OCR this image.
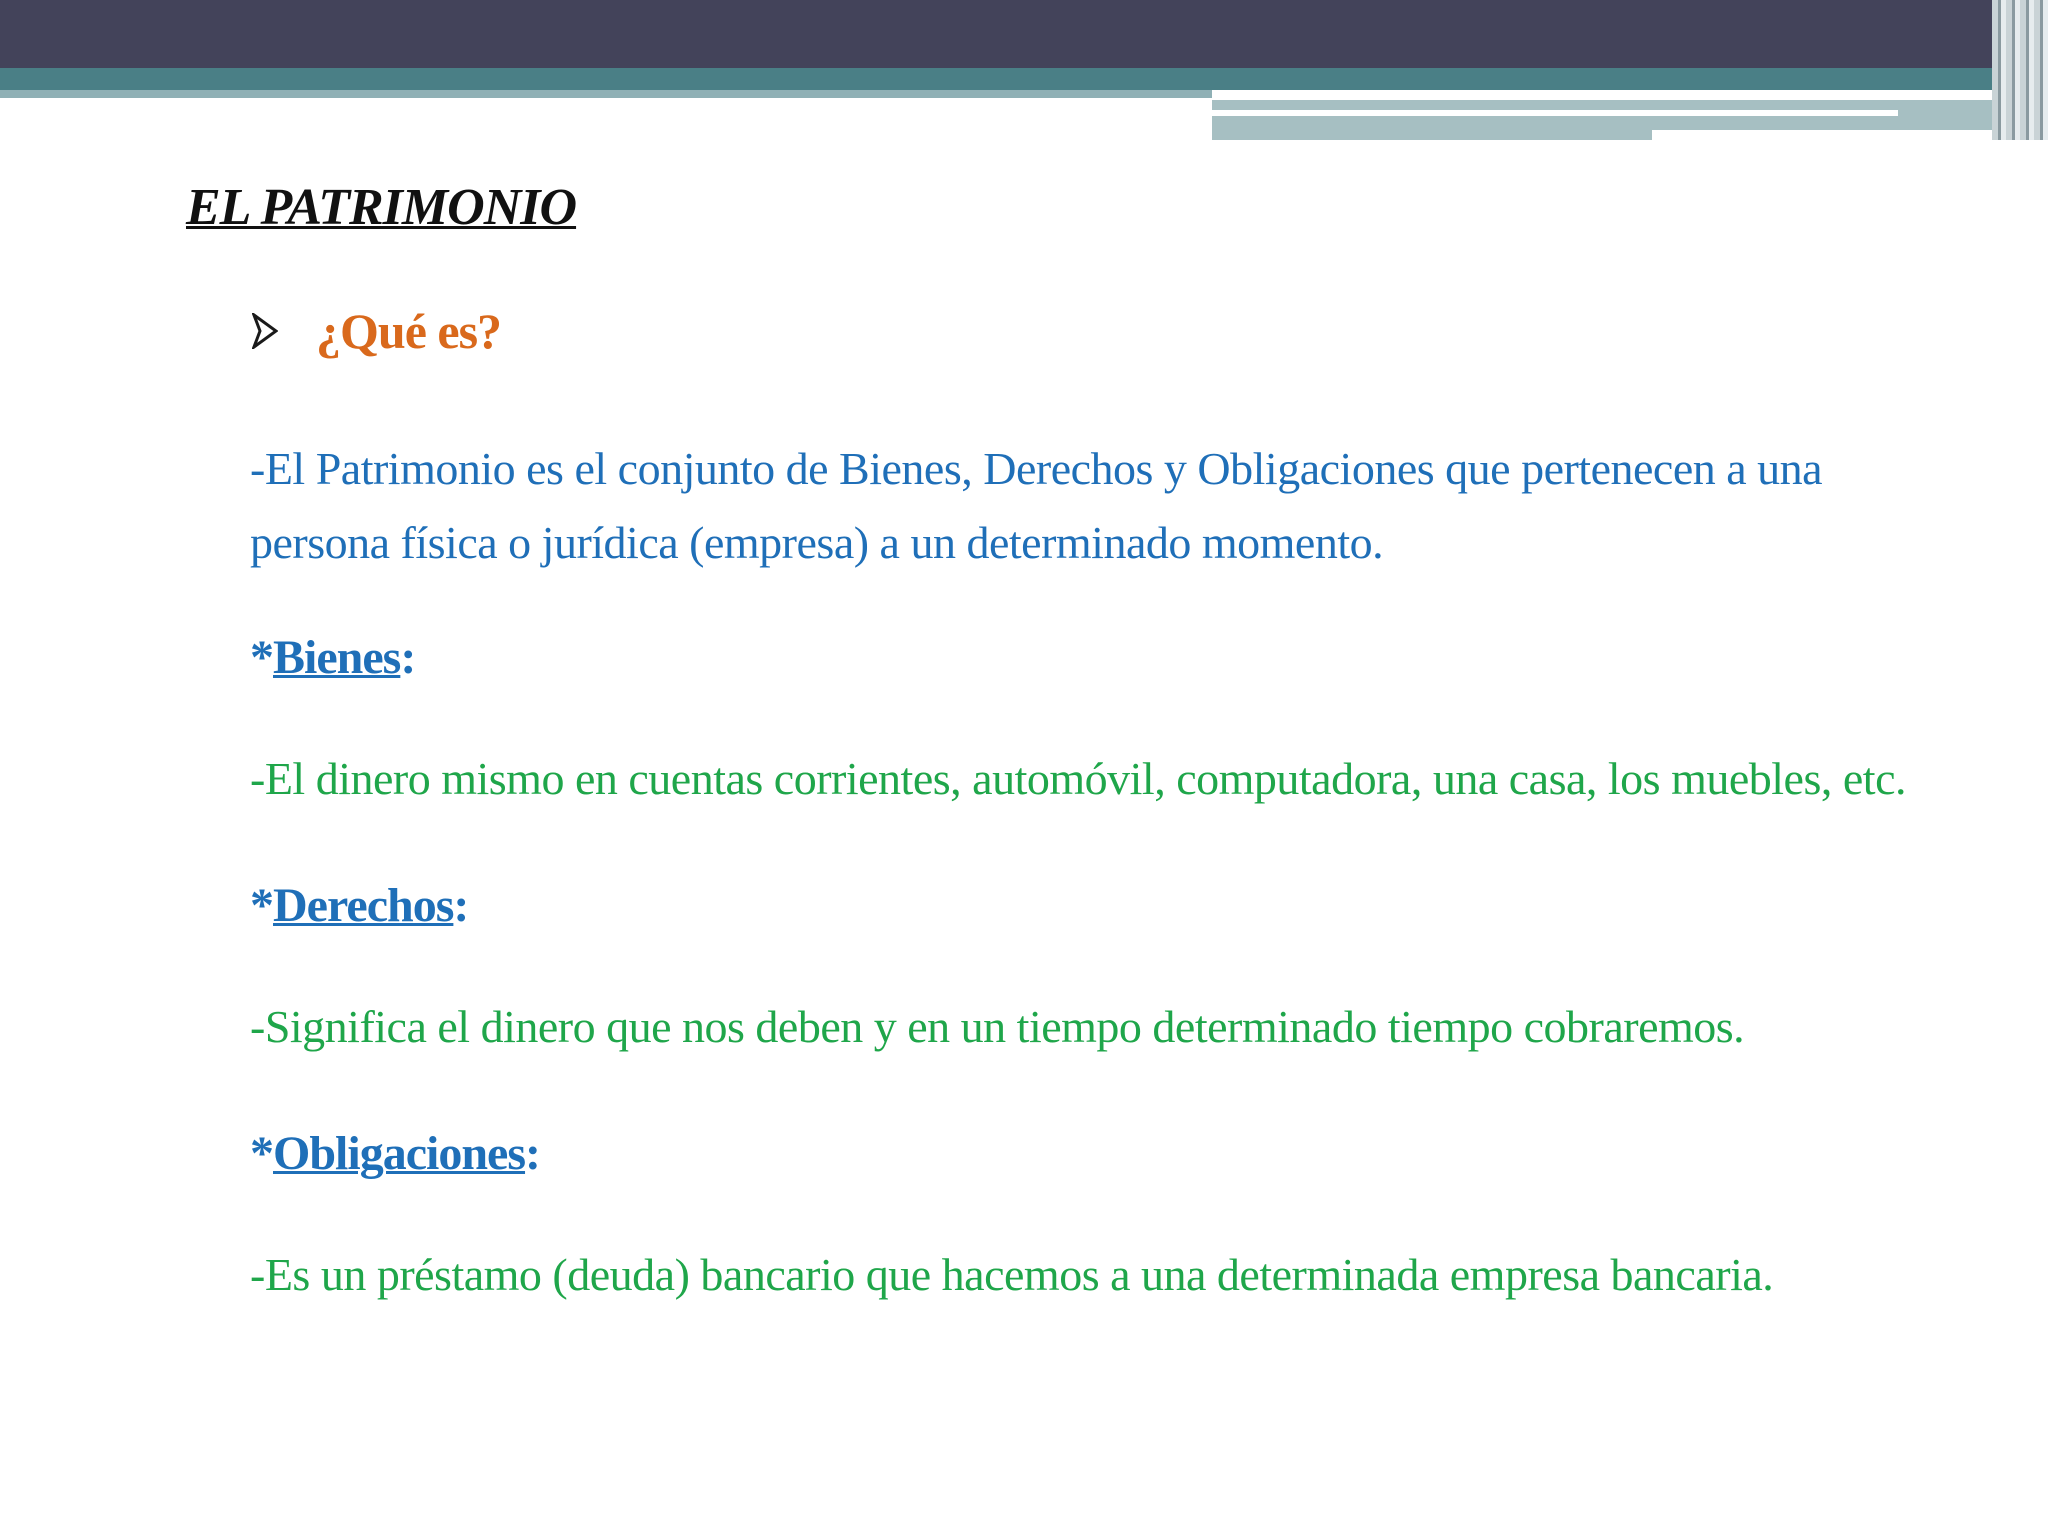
EL PATRIMONIO
¿Qué es?
-El Patrimonio es el conjunto de Bienes, Derechos y Obligaciones que pertenecen a una persona física o jurídica (empresa) a un determinado momento.
*Bienes:
-El dinero mismo en cuentas corrientes, automóvil, computadora, una casa, los muebles, etc.
*Derechos:
-Significa el dinero que nos deben y en un tiempo determinado tiempo cobraremos.
*Obligaciones:
-Es un préstamo (deuda) bancario que hacemos a una determinada empresa bancaria.
